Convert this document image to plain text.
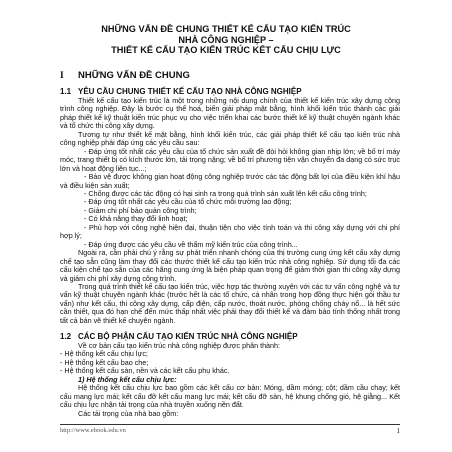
NHỮNG VẤN ĐỀ CHUNG THIẾT KẾ CẤU TẠO KIẾN TRÚC
NHÀ CÔNG NGHIỆP –
THIẾT KẾ CẤU TẠO KIẾN TRÚC KẾT CẤU CHỊU LỰC
I NHỮNG VẤN ĐỀ CHUNG
1.1 YÊU CẦU CHUNG THIẾT KẾ CẤU TẠO NHÀ CÔNG NGHIỆP

Thiết kế cấu tạo kiến trúc là một trong những nội dung chính của thiết kế kiến trúc xây dựng công trình công nghiệp. Đây là bước cụ thể hoá, biến giải pháp mặt bằng, hình khối kiến trúc thành các giải pháp thiết kế kỹ thuật kiến trúc phục vụ cho việc triển khai các bước thiết kế kỹ thuật chuyên ngành khác và tổ chức thi công xây dựng.

Tương tự như thiết kế mặt bằng, hình khối kiến trúc, các giải pháp thiết kế cấu tạo kiến trúc nhà công nghiệp phải đáp ứng các yêu cầu sau:

- Đáp ứng tốt nhất các yêu cầu của tổ chức sản xuất đề đòi hỏi không gian nhịp lớn; về bố trí máy móc, trang thiết bị có kích thước lớn, tải trọng nặng; về bố trí phương tiện vận chuyển đa dạng có sức trục lớn và hoạt động liên tục...;

- Bảo vệ được không gian hoạt động công nghiệp trước các tác động bất lợi của điều kiện khí hậu và điều kiện sản xuất;

- Chống được các tác động có hại sinh ra trong quá trình sản xuất lên kết cấu công trình;

- Đáp ứng tốt nhất các yêu cầu của tổ chức môi trường lao động;

- Giảm chi phí bảo quản công trình;

- Có khả năng thay đổi linh hoạt;

- Phù hợp với công nghệ hiện đại, thuận tiện cho việc tính toán và thi công xây dựng với chi phí hợp lý;

- Đáp ứng được các yêu cầu về thẩm mỹ kiến trúc của công trình...

Ngoài ra, cần phải chú ý rằng sự phát triển nhanh chóng của thị trường cung ứng kết cấu xây dựng chế tạo sẵn cũng làm thay đổi các thước thiết kế cấu tạo kiến trúc nhà công nghiệp. Sử dụng tối đa các cấu kiện chế tạo sẵn của các hãng cung ứng là biện pháp quan trọng để giảm thời gian thi công xây dựng và giảm chi phí xây dựng công trình.

Trong quá trình thiết kế cấu tạo kiến trúc, việc hợp tác thường xuyên với các tư vấn công nghệ và tư vấn kỹ thuật chuyên ngành khác (trước hết là các tổ chức, cá nhân trong hợp đồng thực hiện gói thầu tư vấn) như kết cấu, thi công xây dựng, cấp điện, cấp nước, thoát nước, phòng chống cháy nổ... là hết sức cần thiết, qua đó hạn chế đến mức thấp nhất việc phải thay đổi thiết kế và đảm bảo tính thống nhất trong tất cả bản vẽ thiết kế chuyên ngành.

1.2 CÁC BỘ PHẬN CẤU TẠO KIẾN TRÚC NHÀ CÔNG NGHIỆP

Về cơ bản cấu tạo kiến trúc nhà công nghiệp được phân thành:

- Hệ thống kết cấu chịu lực;

- Hệ thống kết cấu bao che;

- Hệ thống kết cấu sàn, nền và các kết cấu phụ khác.

1) Hệ thống kết cấu chịu lực:

Hệ thống kết cấu chịu lực bao gồm các kết cấu cơ bản: Móng, dầm móng; cột; dầm cầu chạy; kết cấu mang lực mái; kết cấu đỡ kết cấu mang lực mái; kết cấu đỡ sàn, hệ khung chống gió, hệ giằng... Kết cấu chịu lực nhận tải trọng của nhà truyền xuống nền đất.

Các tải trọng của nhà bao gồm:

http://www.ebook.edu.vn	1
